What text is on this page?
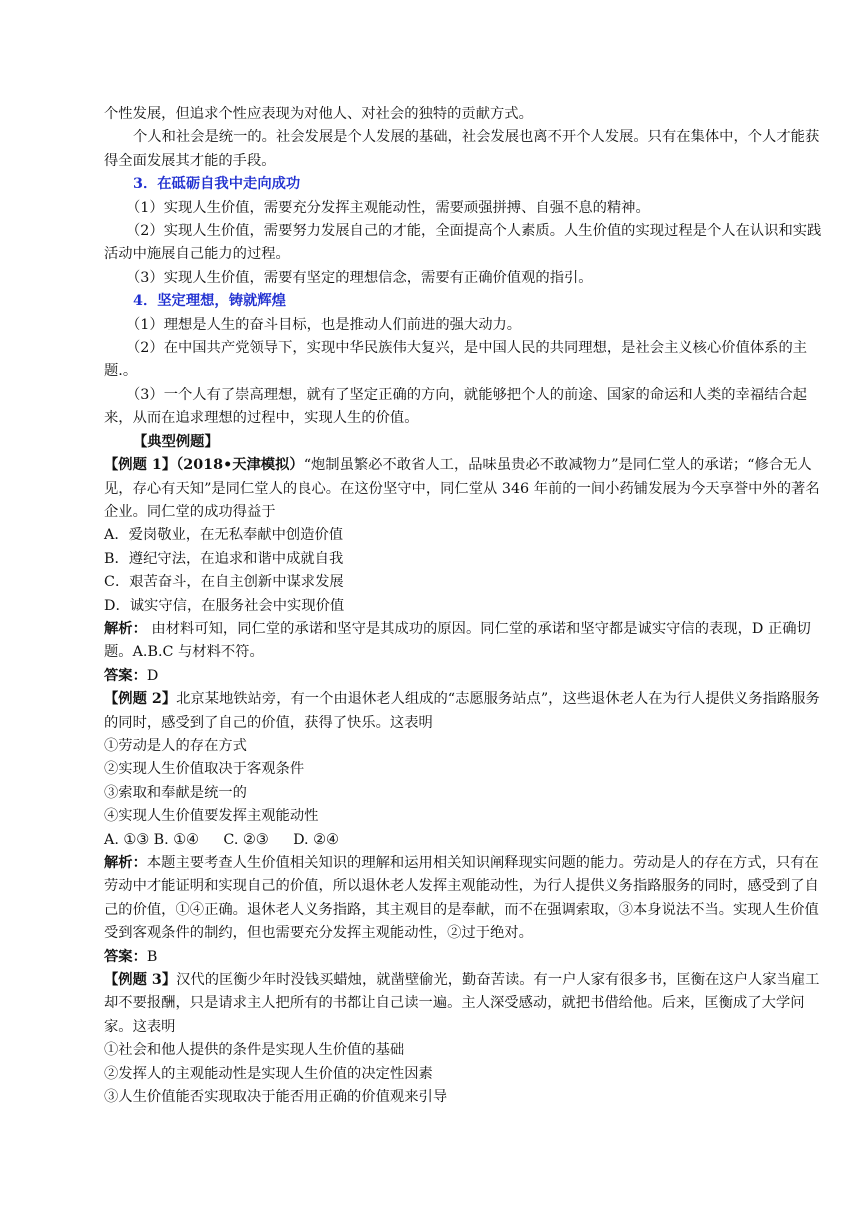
个性发展，但追求个性应表现为对他人、对社会的独特的贡献方式。

个人和社会是统一的。社会发展是个人发展的基础，社会发展也离不开个人发展。只有在集体中，个人才能获得全面发展其才能的手段。

3．在砥砺自我中走向成功

（1）实现人生价值，需要充分发挥主观能动性，需要顽强拼搏、自强不息的精神。

（2）实现人生价值，需要努力发展自己的才能，全面提高个人素质。人生价值的实现过程是个人在认识和实践活动中施展自己能力的过程。

（3）实现人生价值，需要有坚定的理想信念，需要有正确价值观的指引。

4．坚定理想，铸就辉煌

（1）理想是人生的奋斗目标，也是推动人们前进的强大动力。

（2）在中国共产党领导下，实现中华民族伟大复兴，是中国人民的共同理想，是社会主义核心价值体系的主题.。

（3）一个人有了崇高理想，就有了坚定正确的方向，就能够把个人的前途、国家的命运和人类的幸福结合起来，从而在追求理想的过程中，实现人生的价值。

【典型例题】

【例题 1】（2018•天津模拟）“炮制虽繁必不敢省人工，品味虽贵必不敢减物力”是同仁堂人的承诺；“修合无人见，存心有天知”是同仁堂人的良心。在这份坚守中，同仁堂从 346 年前的一间小药铺发展为今天享誉中外的著名企业。同仁堂的成功得益于

A．爱岗敬业，在无私奉献中创造价值

B．遵纪守法，在追求和谐中成就自我

C．艰苦奋斗，在自主创新中谋求发展

D．诚实守信，在服务社会中实现价值

解析： 由材料可知，同仁堂的承诺和坚守是其成功的原因。同仁堂的承诺和坚守都是诚实守信的表现，D 正确切题。A.B.C 与材料不符。

答案：D

【例题 2】北京某地铁站旁，有一个由退休老人组成的“志愿服务站点”，这些退休老人在为行人提供义务指路服务的同时，感受到了自己的价值，获得了快乐。这表明

①劳动是人的存在方式

②实现人生价值取决于客观条件

③索取和奉献是统一的

④实现人生价值要发挥主观能动性

A. ①③ B. ①④ C. ②③ D. ②④

解析：本题主要考查人生价值相关知识的理解和运用相关知识阐释现实问题的能力。劳动是人的存在方式，只有在劳动中才能证明和实现自己的价值，所以退休老人发挥主观能动性，为行人提供义务指路服务的同时，感受到了自己的价值，①④正确。退休老人义务指路，其主观目的是奉献，而不在强调索取，③本身说法不当。实现人生价值受到客观条件的制约，但也需要充分发挥主观能动性，②过于绝对。

答案：B

【例题 3】汉代的匡衡少年时没钱买蜡烛，就凿壁偷光，勤奋苦读。有一户人家有很多书，匡衡在这户人家当雇工却不要报酬，只是请求主人把所有的书都让自己读一遍。主人深受感动，就把书借给他。后来，匡衡成了大学问家。这表明

①社会和他人提供的条件是实现人生价值的基础

②发挥人的主观能动性是实现人生价值的决定性因素

③人生价值能否实现取决于能否用正确的价值观来引导
